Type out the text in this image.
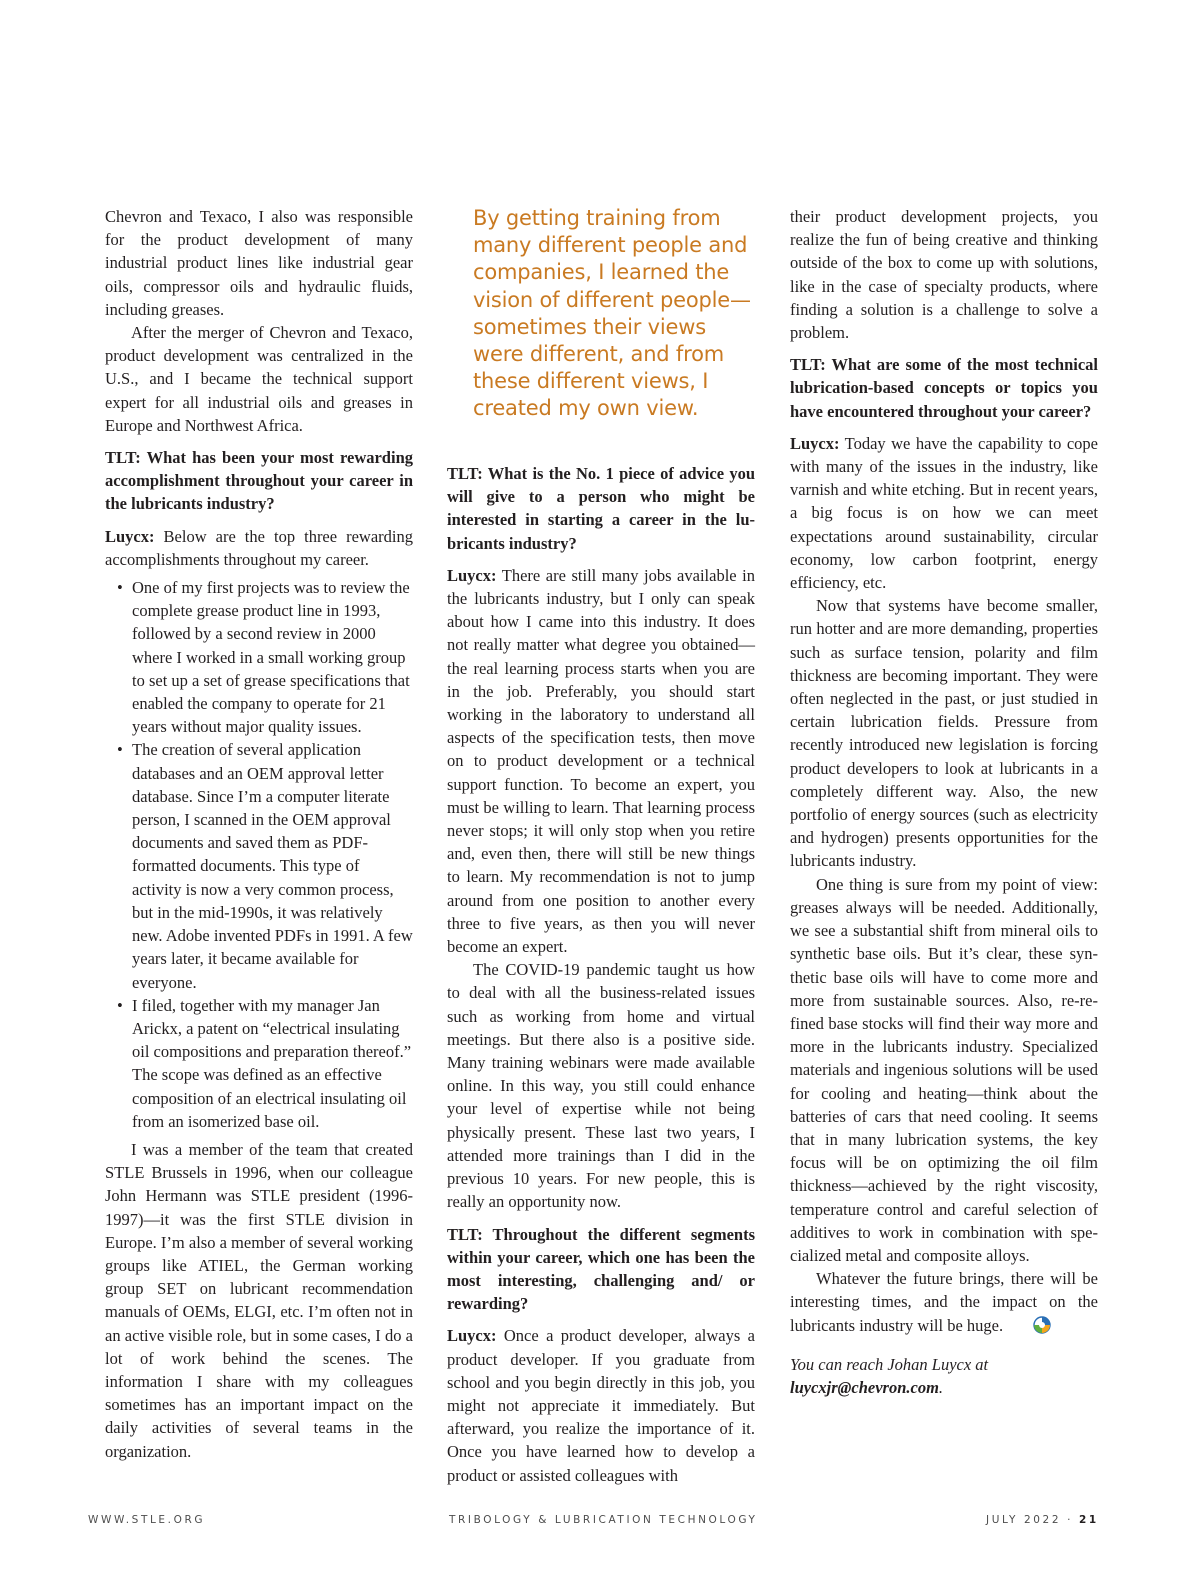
Chevron and Texaco, I also was responsible for the product development of many industrial product lines like industrial gear oils, compressor oils and hydraulic fluids, including greases.

After the merger of Chevron and Texaco, product development was centralized in the U.S., and I became the technical support expert for all industrial oils and greases in Europe and Northwest Africa.

TLT: What has been your most rewarding accomplishment throughout your career in the lubricants industry?

Luycx: Below are the top three rewarding accomplishments throughout my career.

• One of my first projects was to review the complete grease product line in 1993, followed by a second review in 2000 where I worked in a small working group to set up a set of grease specifications that enabled the company to operate for 21 years without major quality issues.
• The creation of several application databases and an OEM approval letter database. Since I’m a computer literate person, I scanned in the OEM approval documents and saved them as PDF-formatted documents. This type of activity is now a very common process, but in the mid-1990s, it was relatively new. Adobe invented PDFs in 1991. A few years later, it became available for everyone.
• I filed, together with my manager Jan Arickx, a patent on “electrical insulating oil compositions and preparation thereof.” The scope was defined as an effective composition of an electrical insulating oil from an isomerized base oil.

I was a member of the team that created STLE Brussels in 1996, when our colleague John Hermann was STLE president (1996-1997)—it was the first STLE division in Europe. I’m also a member of several working groups like ATIEL, the German working group SET on lubricant recommendation manuals of OEMs, ELGI, etc. I’m often not in an active visible role, but in some cases, I do a lot of work behind the scenes. The information I share with my colleagues sometimes has an important impact on the daily activities of several teams in the organization.

By getting training from many different people and companies, I learned the vision of different people— sometimes their views were different, and from these different views, I created my own view.

TLT: What is the No. 1 piece of advice you will give to a person who might be interested in starting a career in the lubricants industry?

Luycx: There are still many jobs available in the lubricants industry, but I only can speak about how I came into this industry. It does not really matter what degree you obtained—the real learning process starts when you are in the job. Preferably, you should start working in the laboratory to understand all aspects of the specification tests, then move on to product development or a technical support function. To become an expert, you must be willing to learn. That learning process never stops; it will only stop when you retire and, even then, there will still be new things to learn. My recommendation is not to jump around from one position to another every three to five years, as then you will never become an expert.

The COVID-19 pandemic taught us how to deal with all the business-related issues such as working from home and virtual meetings. But there also is a positive side. Many training webinars were made available online. In this way, you still could enhance your level of expertise while not being physically present. These last two years, I attended more trainings than I did in the previous 10 years. For new people, this is really an opportunity now.

TLT: Throughout the different segments within your career, which one has been the most interesting, challenging and/ or rewarding?

Luycx: Once a product developer, always a product developer. If you graduate from school and you begin directly in this job, you might not appreciate it immediately. But afterward, you realize the importance of it. Once you have learned how to develop a product or assisted colleagues with

their product development projects, you realize the fun of being creative and thinking outside of the box to come up with solutions, like in the case of specialty products, where finding a solution is a challenge to solve a problem.

TLT: What are some of the most technical lubrication-based concepts or topics you have encountered throughout your career?

Luycx: Today we have the capability to cope with many of the issues in the industry, like varnish and white etching. But in recent years, a big focus is on how we can meet expectations around sustainability, circular economy, low carbon footprint, energy efficiency, etc.

Now that systems have become smaller, run hotter and are more demanding, properties such as surface tension, polarity and film thickness are becoming important. They were often neglected in the past, or just studied in certain lubrication fields. Pressure from recently introduced new legislation is forcing product developers to look at lubricants in a completely different way. Also, the new portfolio of energy sources (such as electricity and hydrogen) presents opportunities for the lubricants industry.

One thing is sure from my point of view: greases always will be needed. Additionally, we see a substantial shift from mineral oils to synthetic base oils. But it’s clear, these synthetic base oils will have to come more and more from sustainable sources. Also, re-refined base stocks will find their way more and more in the lubricants industry. Specialized materials and ingenious solutions will be used for cooling and heating—think about the batteries of cars that need cooling. It seems that in many lubrication systems, the key focus will be on optimizing the oil film thickness—achieved by the right viscosity, temperature control and careful selection of additives to work in combination with specialized metal and composite alloys.

Whatever the future brings, there will be interesting times, and the impact on the lubricants industry will be huge.

You can reach Johan Luycx at
luycxjr@chevron.com.

WWW.STLE.ORG	TRIBOLOGY & LUBRICATION TECHNOLOGY	JULY 2022 · 21
